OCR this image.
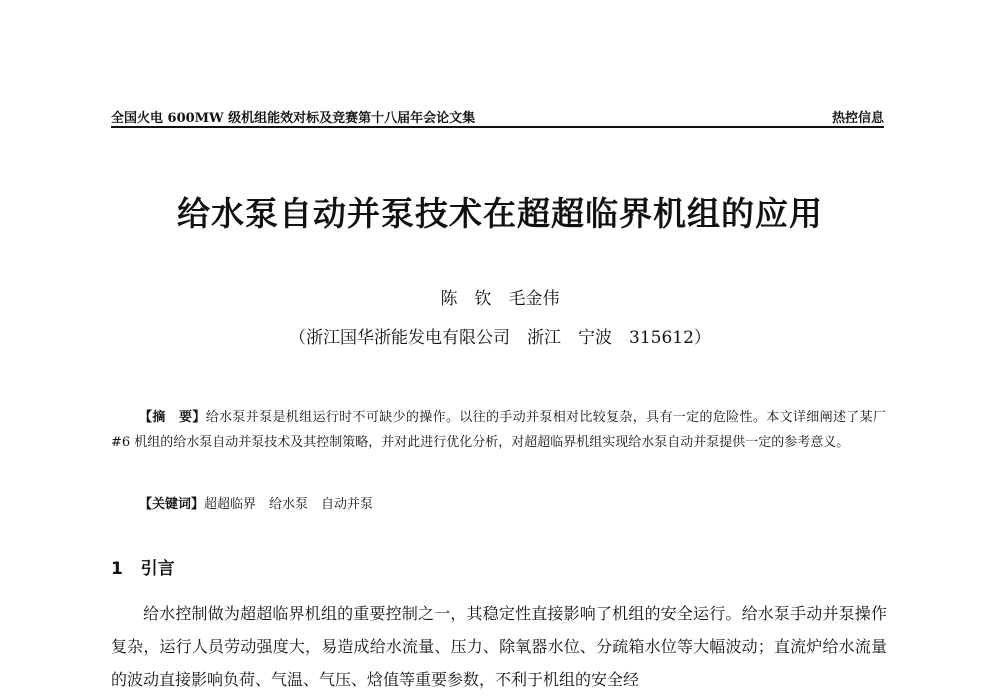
全国火电 600MW 级机组能效对标及竞赛第十八届年会论文集	热控信息
给水泵自动并泵技术在超超临界机组的应用
陈　钦　毛金伟
（浙江国华浙能发电有限公司　浙江　宁波　315612）
【摘　要】给水泵并泵是机组运行时不可缺少的操作。以往的手动并泵相对比较复杂，具有一定的危险性。本文详细阐述了某厂#6 机组的给水泵自动并泵技术及其控制策略，并对此进行优化分析，对超超临界机组实现给水泵自动并泵提供一定的参考意义。
【关键词】超超临界　给水泵　自动并泵
1 引言
给水控制做为超超临界机组的重要控制之一，其稳定性直接影响了机组的安全运行。给水泵手动并泵操作复杂，运行人员劳动强度大，易造成给水流量、压力、除氧器水位、分疏箱水位等大幅波动；直流炉给水流量的波动直接影响负荷、气温、气压、焓值等重要参数，不利于机组的安全经
